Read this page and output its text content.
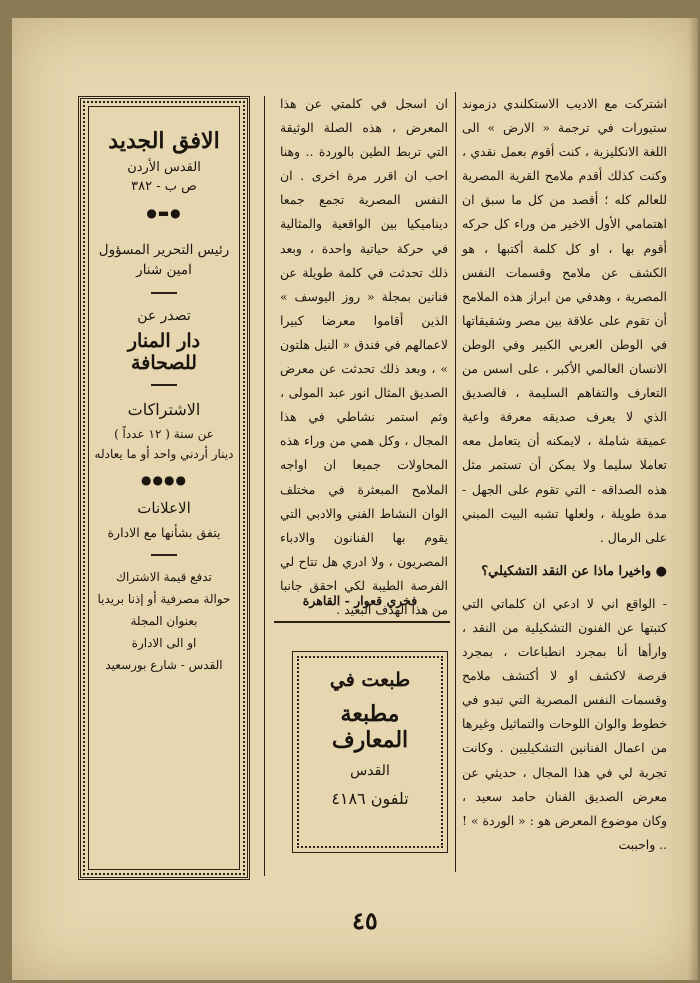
اشتركت مع الاديب الاستكلندي دزموند ستيورات في ترجمة « الارض » الى اللغة الانكليزية ، كنت أقوم بعمل نقدي ، وكنت كذلك أقدم ملامح القرية المصرية للعالم كله ؛ أقصد من كل ما سبق ان اهتمامي الأول الاخير من وراء كل حركه أقوم بها ، او كل كلمة أكتبها ، هو الكشف عن ملامح وقسمات النفس المصرية ، وهدفي من ابراز هذه الملامح أن تقوم على علاقة بين مصر وشقيقاتها في الوطن العربي الكبير وفي الوطن الانسان العالمي الأكبر ، على اسس من التعارف والتفاهم السليمة ، فالصديق الذي لا يعرف صديقه معرفة واعية عميقة شاملة ، لايمكنه أن يتعامل معه تعاملا سليما ولا يمكن أن تستمر مثل هذه الصداقه - التي تقوم على الجهل - مدة طويلة ، ولعلها تشبه البيت المبني على الرمال .

● واخيرا ماذا عن النقد التشكيلي؟

- الواقع اني لا ادعي ان كلماتي التي كتبتها عن الفنون التشكيلية من النقد ، وارأها أنا بمجرد انطباعات ، بمجرد فرصة لاكشف او لا أكتشف ملامح وقسمات النفس المصرية التي تبدو في خطوط والوان اللوحات والتماثيل وغيرها من اعمال الفنانين التشكيليين . وكانت تجربة لي في هذا المجال ، حديثي عن معرض الصديق الفنان حامد سعيد ، وكان موضوع المعرض هو : « الوردة » ! .. واحببت

ان اسجل في كلمتي عن هذا المعرض ، هذه الصلة الوثيقة التي تربط الطين بالوردة .. وهنا احب ان اقرر مرة اخرى . ان النفس المصرية تجمع جمعا ديناميكيا بين الواقعية والمثالية في حركة حياتية واحدة ، وبعد ذلك تحدثت في كلمة طويلة عن فنانين بمجلة « روز اليوسف » الذين أقاموا معرضا كبيرا لاعمالهم في فندق « النيل هلتون » ، وبعد ذلك تحدثت عن معرض الصديق المثال انور عبد المولى ، وثم استمر نشاطي في هذا المجال ، وكل همي من وراء هذه المحاولات جميعا ان اواجه الملامح المبعثرة في مختلف الوان النشاط الفني والادبي التي يقوم بها الفنانون والادباء المصريون ، ولا ادري هل تتاح لي الفرصة الطيبة لكي احقق جانبا من هذا الهدف البعيد .

فخري قعوار - القاهرة
الافق الجديد
القدس الأردن
ص ب - ٣٨٢
●▬●
رئيس التحرير المسؤول
امين شنار
تصدر عن
دار المنار للصحافة
الاشتراكات
عن سنة ( ١٢ عدداً )
دينار أردني واحد أو ما يعادله
●●●●
الاعلانات
يتفق بشأنها مع الادارة
تدفع قيمة الاشتراك
حوالة مصرفية أو إذنا بريديا
بعنوان المجلة
او الى الادارة
القدس - شارع بورسعيد
طبعت في
مطبعة المعارف
القدس
تلفون ٤١٨٦
٤٥
